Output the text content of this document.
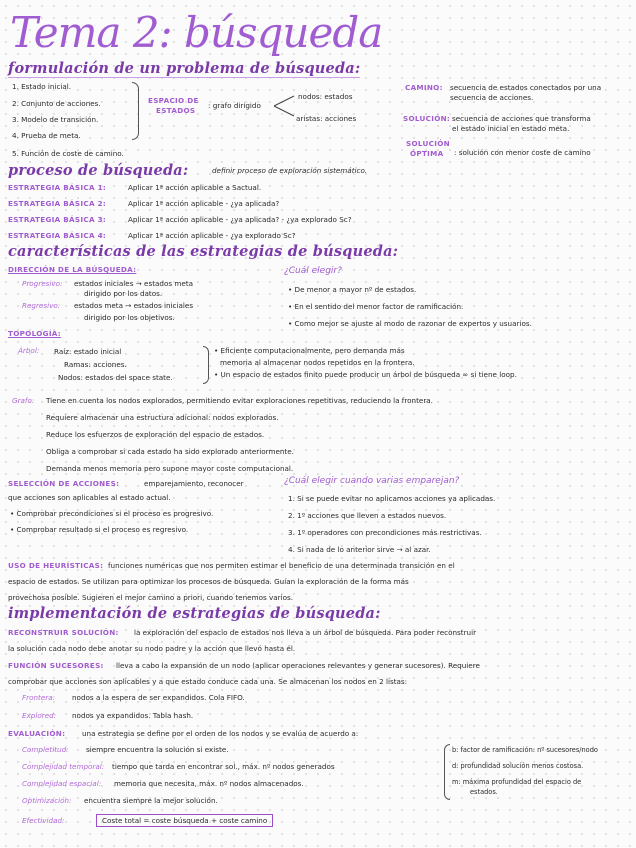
Tema 2: búsqueda
formulación de un problema de búsqueda:
1. Estado inicial.
2. Conjunto de acciones.
3. Modelo de transición.
4. Prueba de meta.
5. Función de coste de camino.
ESPACIO DE
ESTADOS
: grafo dirigido
nodos: estados
aristas: acciones
CAMINO: secuencia de estados conectados por una
secuencia de acciones.
SOLUCIÓN: secuencia de acciones que transforma
el estado inicial en estado meta.
SOLUCIÓN
ÓPTIMA : solución con menor coste de camino
proceso de búsqueda:	definir proceso de exploración sistemático.
ESTRATEGIA BÁSICA 1:	Aplicar 1ª acción aplicable a Sactual.
ESTRATEGIA BÁSICA 2:	Aplicar 1ª acción aplicable - ¿ya aplicada?
ESTRATEGIA BÁSICA 3:	Aplicar 1ª acción aplicable - ¿ya aplicada? - ¿ya explorado Sc?
ESTRATEGIA BÁSICA 4:	Aplicar 1ª acción aplicable - ¿ya explorado Sc?
características de las estrategias de búsqueda:
DIRECCIÓN DE LA BÚSQUEDA:
Progresivo: estados iniciales → estados meta
dirigido por los datos.
Regresivo: estados meta → estados iniciales
dirigido por los objetivos.
¿Cuál elegir?
• De menor a mayor nº de estados.
• En el sentido del menor factor de ramificación.
• Como mejor se ajuste al modo de razonar de expertos y usuarios.
TOPOLOGÍA:
Árbol: Raíz: estado inicial
Ramas: acciones.
Nodos: estados del space state.
• Eficiente computacionalmente, pero demanda más
memoria al almacenar nodos repetidos en la frontera.
• Un espacio de estados finito puede producir un árbol de búsqueda ∞ si tiene loop.
Grafo: Tiene en cuenta los nodos explorados, permitiendo evitar exploraciones repetitivas, reduciendo la frontera.
Requiere almacenar una estructura adicional: nodos explorados.
Reduce los esfuerzos de exploración del espacio de estados.
Obliga a comprobar si cada estado ha sido explorado anteriormente.
Demanda menos memoria pero supone mayor coste computacional.
SELECCIÓN DE ACCIONES:	emparejamiento, reconocer
que acciones son aplicables al estado actual.
• Comprobar precondiciones si el proceso es progresivo.
• Comprobar resultado si el proceso es regresivo.
¿Cuál elegir cuando varias emparejan?
1. Si se puede evitar no aplicamos acciones ya aplicadas.
2. 1º acciones que lleven a estados nuevos.
3. 1º operadores con precondiciones más restrictivas.
4. Si nada de lo anterior sirve → al azar.
USO DE HEURÍSTICAS: funciones numéricas que nos permiten estimar el beneficio de una determinada transición en el
espacio de estados. Se utilizan para optimizar los procesos de búsqueda. Guían la exploración de la forma más
provechosa posible. Sugieren el mejor camino a priori, cuando tenemos varios.
implementación de estrategias de búsqueda:
RECONSTRUIR SOLUCIÓN: la exploración del espacio de estados nos lleva a un árbol de búsqueda. Para poder reconstruir
la solución cada nodo debe anotar su nodo padre y la acción que llevó hasta él.
FUNCIÓN SUCESORES: lleva a cabo la expansión de un nodo (aplicar operaciones relevantes y generar sucesores). Requiere
comprobar que acciones son aplicables y a que estado conduce cada una. Se almacenan los nodos en 2 listas:
Frontera: nodos a la espera de ser expandidos. Cola FIFO.
Explored: nodos ya expandidos. Tabla hash.
EVALUACIÓN: una estrategia se define por el orden de los nodos y se evalúa de acuerdo a:
Completitud: siempre encuentra la solución si existe.
Complejidad temporal: tiempo que tarda en encontrar sol., máx. nº nodos generados
Complejidad espacial: memoria que necesita, máx. nº nodos almacenados.
Optimización: encuentra siempre la mejor solución.
Efectividad:	Coste total = coste búsqueda + coste camino
b: factor de ramificación: nº sucesores/nodo
d: profundidad solución menos costosa.
m: máxima profundidad del espacio de
estados.
